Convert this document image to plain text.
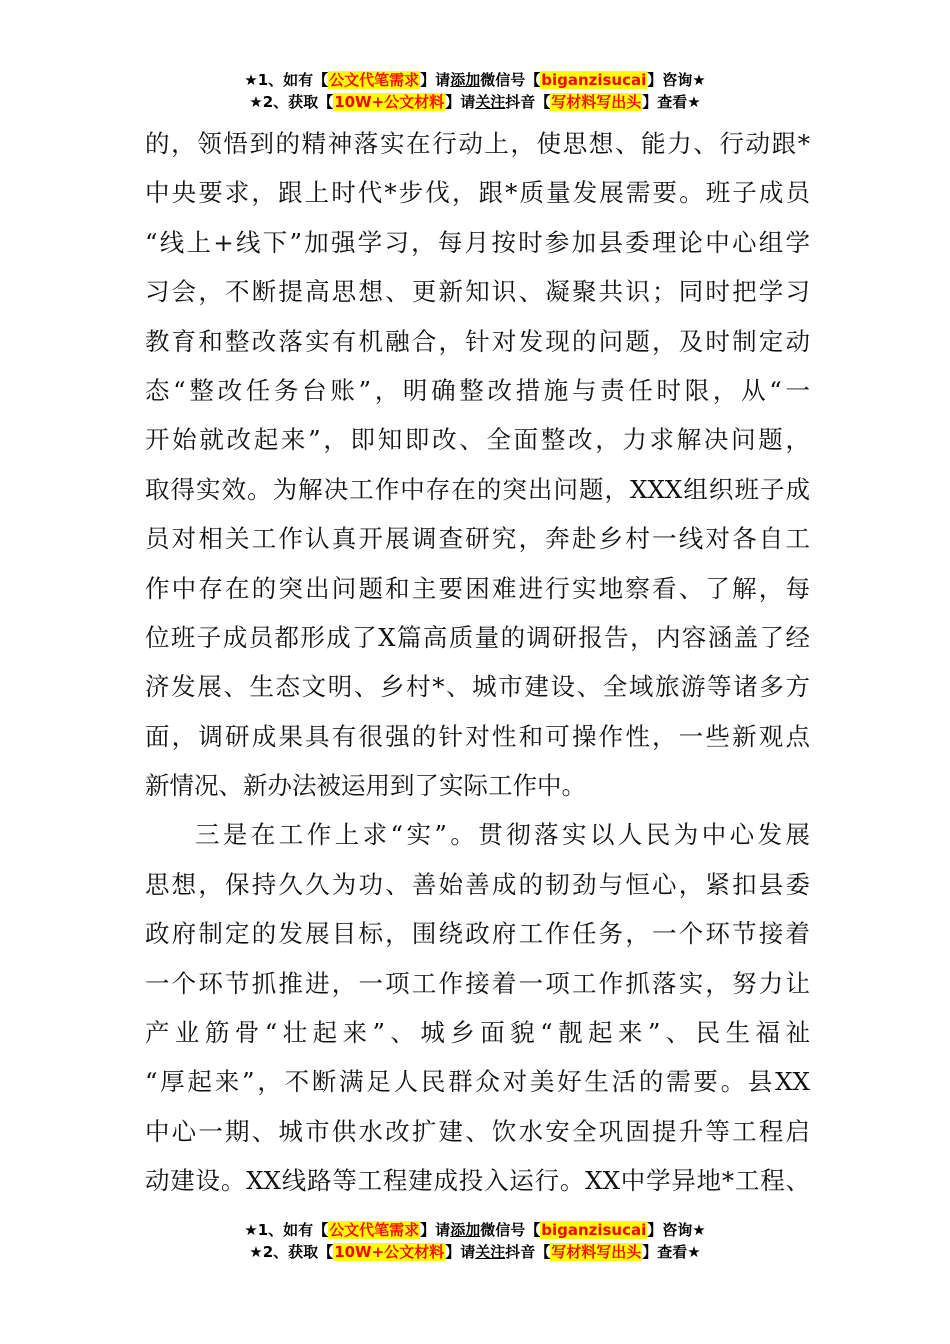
★1、如有【公文代笔需求】请添加微信号【biganzisucai】咨询★
★2、获取【10W+公文材料】请关注抖音【写材料写出头】查看★
的，领悟到的精神落实在行动上，使思想、能力、行动跟*
中央要求，跟上时代*步伐，跟*质量发展需要。班子成员
“线上+线下”加强学习，每月按时参加县委理论中心组学
习会，不断提高思想、更新知识、凝聚共识；同时把学习
教育和整改落实有机融合，针对发现的问题，及时制定动
态“整改任务台账”，明确整改措施与责任时限，从“一
开始就改起来”，即知即改、全面整改，力求解决问题，
取得实效。为解决工作中存在的突出问题，XXX组织班子成
员对相关工作认真开展调查研究，奔赴乡村一线对各自工
作中存在的突出问题和主要困难进行实地察看、了解，每
位班子成员都形成了X篇高质量的调研报告，内容涵盖了经
济发展、生态文明、乡村*、城市建设、全域旅游等诸多方
面，调研成果具有很强的针对性和可操作性，一些新观点
新情况、新办法被运用到了实际工作中。
三是在工作上求“实”。贯彻落实以人民为中心发展
思想，保持久久为功、善始善成的韧劲与恒心，紧扣县委
政府制定的发展目标，围绕政府工作任务，一个环节接着
一个环节抓推进，一项工作接着一项工作抓落实，努力让
产业筋骨“壮起来”、城乡面貌“靓起来”、民生福祉
“厚起来”，不断满足人民群众对美好生活的需要。县XX
中心一期、城市供水改扩建、饮水安全巩固提升等工程启
动建设。XX线路等工程建成投入运行。XX中学异地*工程、
★1、如有【公文代笔需求】请添加微信号【biganzisucai】咨询★
★2、获取【10W+公文材料】请关注抖音【写材料写出头】查看★
